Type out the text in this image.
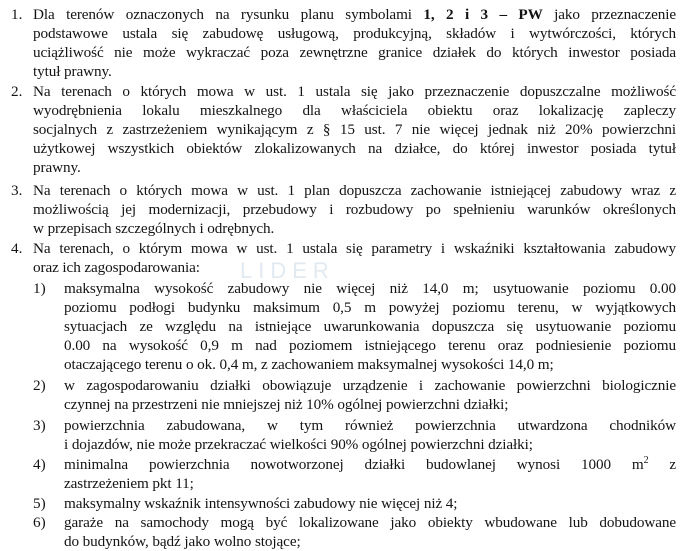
1. Dla terenów oznaczonych na rysunku planu symbolami 1, 2 i 3 – PW jako przeznaczenie

podstawowe ustala się zabudowę usługową, produkcyjną, składów i wytwórczości, których

uciążliwość nie może wykraczać poza zewnętrzne granice działek do których inwestor posiada

tytuł prawny.

2. Na terenach o których mowa w ust. 1 ustala się jako przeznaczenie dopuszczalne możliwość

wyodrębnienia lokalu mieszkalnego dla właściciela obiektu oraz lokalizację zapleczy

socjalnych z zastrzeżeniem wynikającym z § 15 ust. 7 nie więcej jednak niż 20% powierzchni

użytkowej wszystkich obiektów zlokalizowanych na działce, do której inwestor posiada tytuł

prawny.

3. Na terenach o których mowa w ust. 1 plan dopuszcza zachowanie istniejącej zabudowy wraz z

możliwością jej modernizacji, przebudowy i rozbudowy po spełnieniu warunków określonych

w przepisach szczególnych i odrębnych.

4. Na terenach, o którym mowa w ust. 1 ustala się parametry i wskaźniki kształtowania zabudowy

oraz ich zagospodarowania:

1) maksymalna wysokość zabudowy nie więcej niż 14,0 m; usytuowanie poziomu 0.00

poziomu podłogi budynku maksimum 0,5 m powyżej poziomu terenu, w wyjątkowych

sytuacjach ze względu na istniejące uwarunkowania dopuszcza się usytuowanie poziomu

0.00 na wysokość 0,9 m nad poziomem istniejącego terenu oraz podniesienie poziomu

otaczającego terenu o ok. 0,4 m, z zachowaniem maksymalnej wysokości 14,0 m;

2) w zagospodarowaniu działki obowiązuje urządzenie i zachowanie powierzchni biologicznie

czynnej na przestrzeni nie mniejszej niż 10% ogólnej powierzchni działki;

3) powierzchnia zabudowana, w tym również powierzchnia utwardzona chodników

i dojazdów, nie może przekraczać wielkości 90% ogólnej powierzchni działki;

4) minimalna powierzchnia nowotworzonej działki budowlanej wynosi 1000 $m^2$ z

zastrzeżeniem pkt 11;

5) maksymalny wskaźnik intensywności zabudowy nie więcej niż 4;

6) garaże na samochody mogą być lokalizowane jako obiekty wbudowane lub dobudowane

do budynków, bądź jako wolno stojące;

LIDER
